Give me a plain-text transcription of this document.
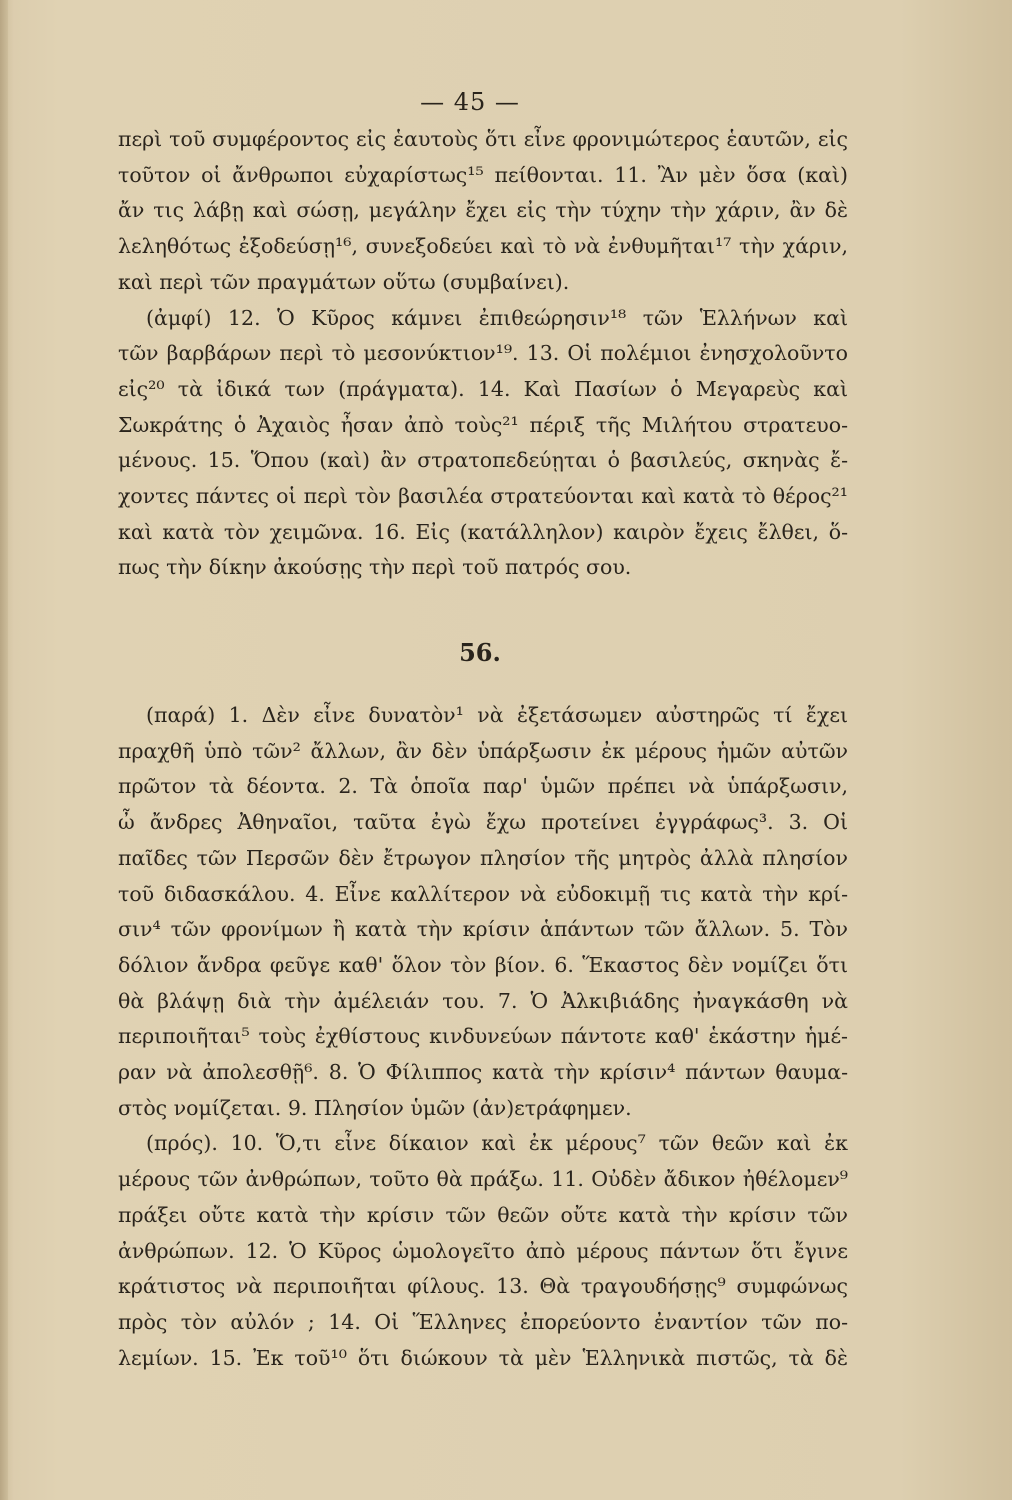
— 45 —
περὶ τοῦ συμφέροντος εἰς ἑαυτοὺς ὅτι εἶνε φρονιμώτερος ἑαυτῶν, εἰς
τοῦτον οἱ ἄνθρωποι εὐχαρίστως¹⁵ πείθονται. 11. Ἂν μὲν ὅσα (καὶ)
ἄν τις λάβῃ καὶ σώσῃ, μεγάλην ἔχει εἰς τὴν τύχην τὴν χάριν, ἂν δὲ
λεληθότως ἐξοδεύσῃ¹⁶, συνεξοδεύει καὶ τὸ νὰ ἐνθυμῆται¹⁷ τὴν χάριν,
καὶ περὶ τῶν πραγμάτων οὕτω (συμβαίνει).
(ἀμφί) 12. Ὁ Κῦρος κάμνει ἐπιθεώρησιν¹⁸ τῶν Ἑλλήνων καὶ
τῶν βαρβάρων περὶ τὸ μεσονύκτιον¹⁹. 13. Οἱ πολέμιοι ἐνησχολοῦντο
εἰς²⁰ τὰ ἰδικά των (πράγματα). 14. Καὶ Πασίων ὁ Μεγαρεὺς καὶ
Σωκράτης ὁ Ἀχαιὸς ἦσαν ἀπὸ τοὺς²¹ πέριξ τῆς Μιλήτου στρατευο-
μένους. 15. Ὅπου (καὶ) ἂν στρατοπεδεύῃται ὁ βασιλεύς, σκηνὰς ἔ-
χοντες πάντες οἱ περὶ τὸν βασιλέα στρατεύονται καὶ κατὰ τὸ θέρος²¹
καὶ κατὰ τὸν χειμῶνα. 16. Εἰς (κατάλληλον) καιρὸν ἔχεις ἔλθει, ὅ-
πως τὴν δίκην ἀκούσῃς τὴν περὶ τοῦ πατρός σου.
56.
(παρά) 1. Δὲν εἶνε δυνατὸν¹ νὰ ἐξετάσωμεν αὐστηρῶς τί ἔχει
πραχθῆ ὑπὸ τῶν² ἄλλων, ἂν δὲν ὑπάρξωσιν ἐκ μέρους ἡμῶν αὐτῶν
πρῶτον τὰ δέοντα. 2. Τὰ ὁποῖα παρ' ὑμῶν πρέπει νὰ ὑπάρξωσιν,
ὦ ἄνδρες Ἀθηναῖοι, ταῦτα ἐγὼ ἔχω προτείνει ἐγγράφως³. 3. Οἱ
παῖδες τῶν Περσῶν δὲν ἔτρωγον πλησίον τῆς μητρὸς ἀλλὰ πλησίον
τοῦ διδασκάλου. 4. Εἶνε καλλίτερον νὰ εὐδοκιμῇ τις κατὰ τὴν κρί-
σιν⁴ τῶν φρονίμων ἢ κατὰ τὴν κρίσιν ἁπάντων τῶν ἄλλων. 5. Τὸν
δόλιον ἄνδρα φεῦγε καθ' ὅλον τὸν βίον. 6. Ἕκαστος δὲν νομίζει ὅτι
θὰ βλάψῃ διὰ τὴν ἀμέλειάν του. 7. Ὁ Ἀλκιβιάδης ἠναγκάσθη νὰ
περιποιῆται⁵ τοὺς ἐχθίστους κινδυνεύων πάντοτε καθ' ἑκάστην ἡμέ-
ραν νὰ ἀπολεσθῇ⁶. 8. Ὁ Φίλιππος κατὰ τὴν κρίσιν⁴ πάντων θαυμα-
στὸς νομίζεται. 9. Πλησίον ὑμῶν (ἀν)ετράφημεν.
(πρός). 10. Ὅ,τι εἶνε δίκαιον καὶ ἐκ μέρους⁷ τῶν θεῶν καὶ ἐκ
μέρους τῶν ἀνθρώπων, τοῦτο θὰ πράξω. 11. Οὐδὲν ἄδικον ἠθέλομεν⁹
πράξει οὔτε κατὰ τὴν κρίσιν τῶν θεῶν οὔτε κατὰ τὴν κρίσιν τῶν
ἀνθρώπων. 12. Ὁ Κῦρος ὡμολογεῖτο ἀπὸ μέρους πάντων ὅτι ἔγινε
κράτιστος νὰ περιποιῆται φίλους. 13. Θὰ τραγουδήσῃς⁹ συμφώνως
πρὸς τὸν αὐλόν ; 14. Οἱ Ἕλληνες ἐπορεύοντο ἐναντίον τῶν πο-
λεμίων. 15. Ἐκ τοῦ¹⁰ ὅτι διώκουν τὰ μὲν Ἑλληνικὰ πιστῶς, τὰ δὲ
